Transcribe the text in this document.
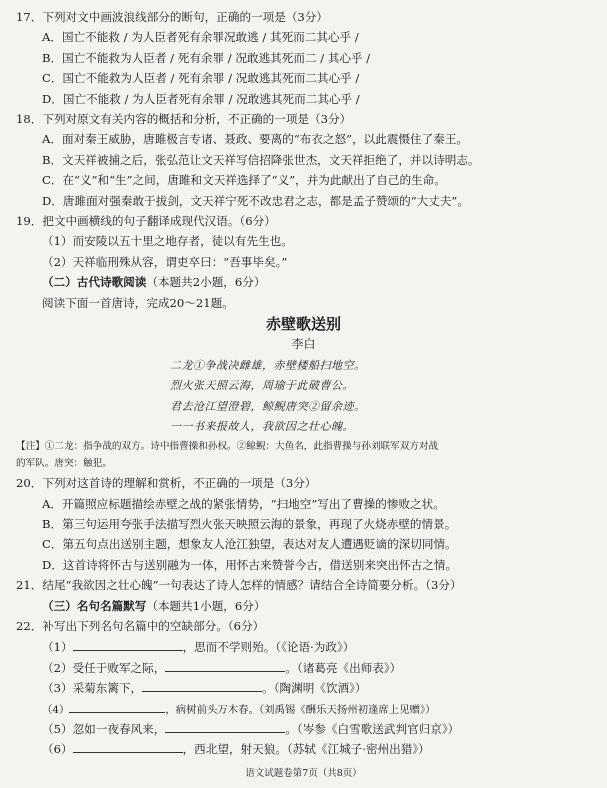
17．下列对文中画波浪线部分的断句，正确的一项是（3分）
A．国亡不能救 / 为人臣者死有余罪况敢逃 / 其死而二其心乎 /
B．国亡不能救为人臣者 / 死有余罪 / 况敢逃其死而二 / 其心乎 /
C．国亡不能救为人臣者 / 死有余罪 / 况敢逃其死而二其心乎 /
D．国亡不能救 / 为人臣者死有余罪 / 况敢逃其死而二其心乎 /
18．下列对原文有关内容的概括和分析，不正确的一项是（3分）
A．面对秦王威胁，唐雎极言专诸、聂政、要离的“布衣之怒”，以此震慑住了秦王。
B．文天祥被捕之后，张弘范让文天祥写信招降张世杰，文天祥拒绝了，并以诗明志。
C．在“义”和“生”之间，唐雎和文天祥选择了“义”，并为此献出了自己的生命。
D．唐雎面对强秦敢于拔剑，文天祥宁死不改忠君之志，都是孟子赞颂的“大丈夫”。
19．把文中画横线的句子翻译成现代汉语。（6分）
（1）而安陵以五十里之地存者，徒以有先生也。
（2）天祥临刑殊从容，谓吏卒曰：“吾事毕矣。”
（二）古代诗歌阅读（本题共2小题，6分）
阅读下面一首唐诗，完成20～21题。
赤壁歌送别
李白
二龙①争战决雌雄，赤壁楼船扫地空。
烈火张天照云海，周瑜于此破曹公。
君去沧江望澄碧，鲸鲵唐突②留余迹。
一一书来报故人，我欲因之壮心魄。
【注】①二龙：指争战的双方。诗中指曹操和孙权。②鲸鲵：大鱼名，此指曹操与孙刘联军双方对战
的军队。唐突：触犯。
20．下列对这首诗的理解和赏析，不正确的一项是（3分）
A．开篇照应标题描绘赤壁之战的紧张情势，“扫地空”写出了曹操的惨败之状。
B．第三句运用夸张手法描写烈火张天映照云海的景象，再现了火烧赤壁的情景。
C．第五句点出送别主题，想象友人沧江独望，表达对友人遭遇贬谪的深切同情。
D．这首诗将怀古与送别融为一体，用怀古来赞誉今古，借送别来突出怀古之情。
21．结尾“我欲因之壮心魄”一句表达了诗人怎样的情感？请结合全诗简要分析。（3分）
（三）名句名篇默写（本题共1小题，6分）
22．补写出下列名句名篇中的空缺部分。（6分）
（1）	，思而不学则殆。（《论语·为政》）
（2）受任于败军之际，	。（诸葛亮《出师表》）
（3）采菊东篱下，	。（陶渊明《饮酒》）
（4）	，病树前头万木春。（刘禹锡《酬乐天扬州初逢席上见赠》）
（5）忽如一夜春风来，	。（岑参《白雪歌送武判官归京》）
（6）	，西北望，射天狼。（苏轼《江城子·密州出猎》）
语文试题卷第7页（共8页）
